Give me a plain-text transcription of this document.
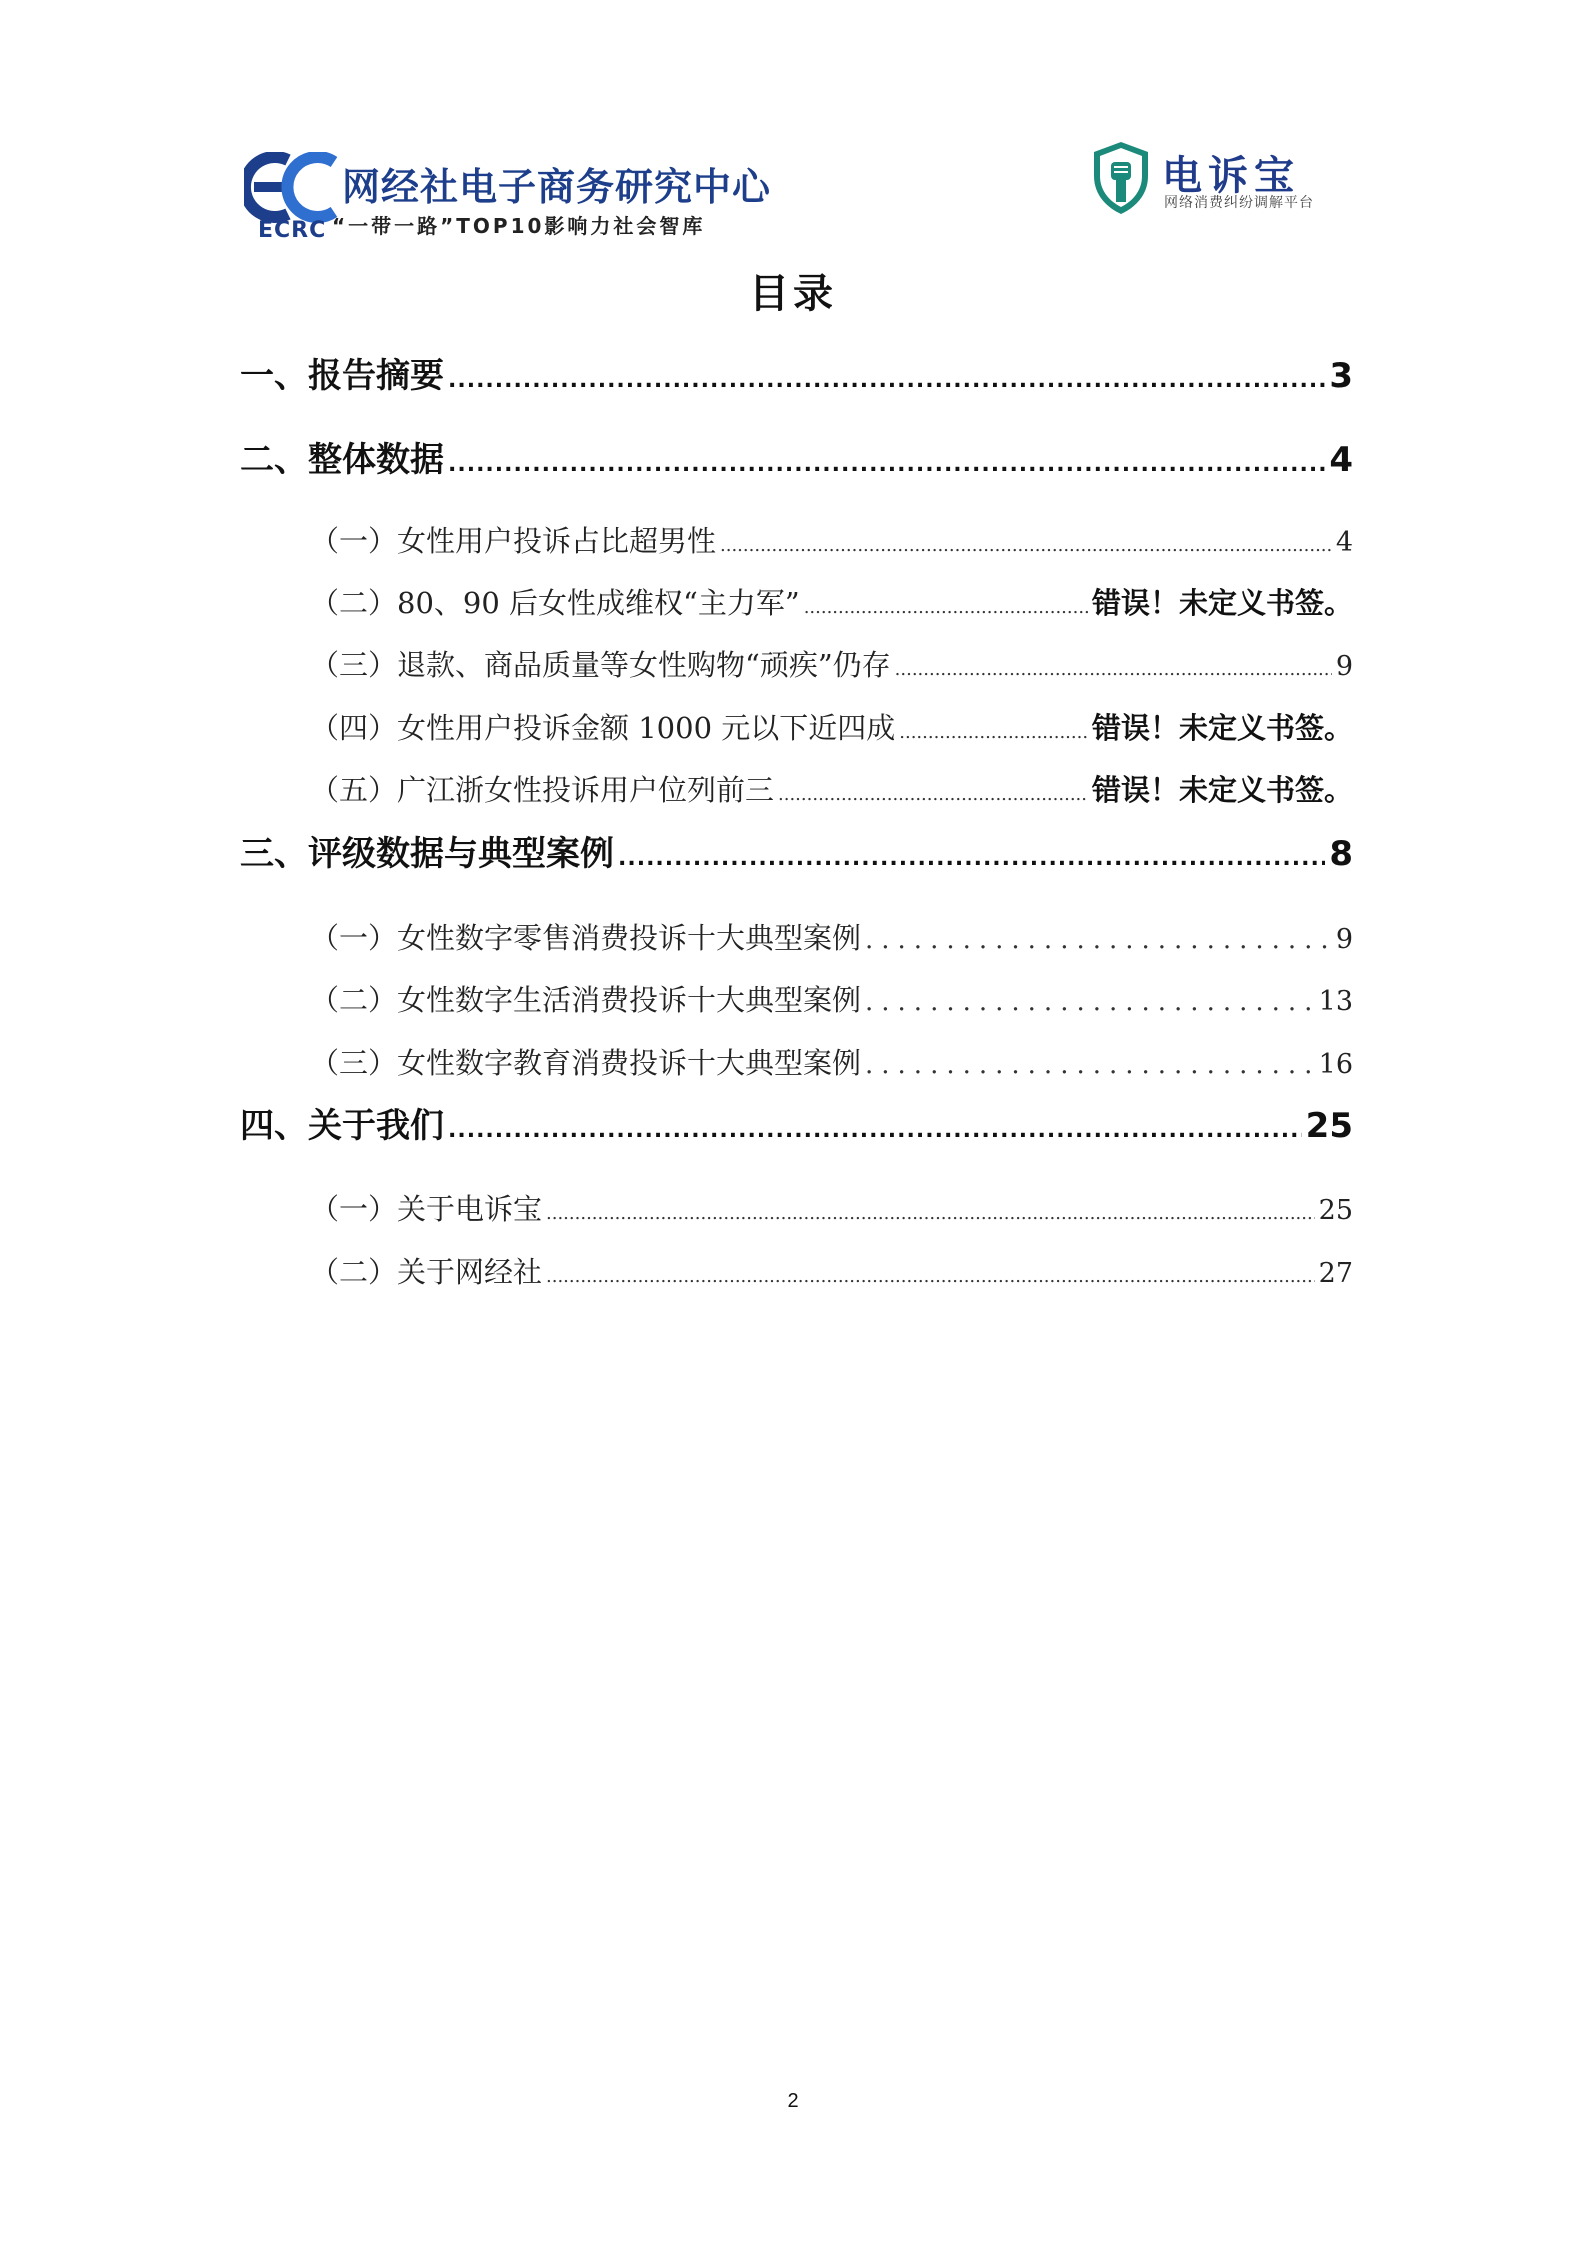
ECRC
网经社电子商务研究中心
“一带一路”TOP10影响力社会智库
电诉宝
网络消费纠纷调解平台
目录
一、报告摘要 .....	3
二、整体数据 .....	4
（一）女性用户投诉占比超男性 .....	4
（二）80、90 后女性成维权“主力军” .....	错误！未定义书签。
（三）退款、商品质量等女性购物“顽疾”仍存 .....	9
（四）女性用户投诉金额 1000 元以下近四成 .....	错误！未定义书签。
（五）广江浙女性投诉用户位列前三 .....	错误！未定义书签。
三、评级数据与典型案例 .....	8
（一）女性数字零售消费投诉十大典型案例 .....	9
（二）女性数字生活消费投诉十大典型案例 .....	13
（三）女性数字教育消费投诉十大典型案例 .....	16
四、关于我们 .....	25
（一）关于电诉宝 .....	25
（二）关于网经社 .....	27
2
